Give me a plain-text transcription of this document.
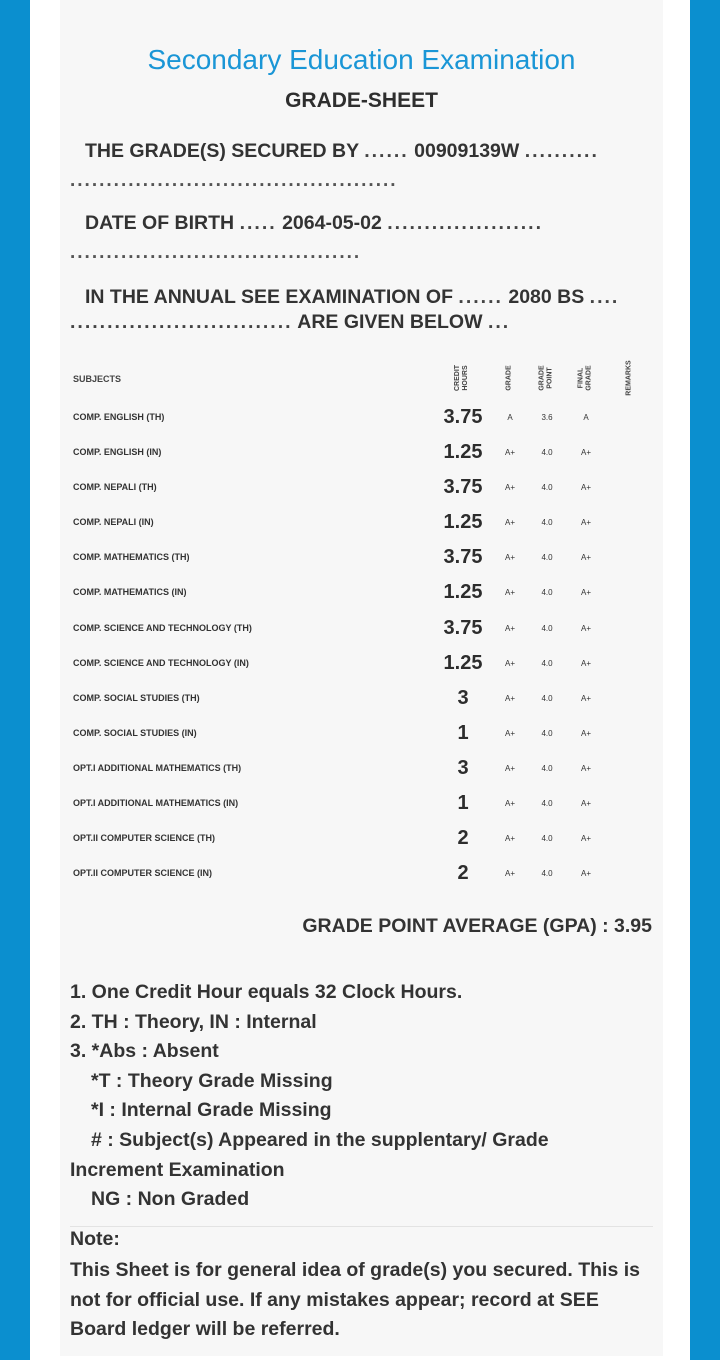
Secondary Education Examination
GRADE-SHEET
THE GRADE(S) SECURED BY ...... 00909139W ..........
.............................................
DATE OF BIRTH ..... 2064-05-02 .....................
........................................
IN THE ANNUAL SEE EXAMINATION OF ...... 2080 BS ....
.............................. ARE GIVEN BELOW ...
SUBJECTS	CREDIT HOURS	GRADE	GRADE POINT	FINAL GRADE	REMARKS
COMP. ENGLISH (TH)	3.75	A	3.6	A
COMP. ENGLISH (IN)	1.25	A+	4.0	A+
COMP. NEPALI (TH)	3.75	A+	4.0	A+
COMP. NEPALI (IN)	1.25	A+	4.0	A+
COMP. MATHEMATICS (TH)	3.75	A+	4.0	A+
COMP. MATHEMATICS (IN)	1.25	A+	4.0	A+
COMP. SCIENCE AND TECHNOLOGY (TH)	3.75	A+	4.0	A+
COMP. SCIENCE AND TECHNOLOGY (IN)	1.25	A+	4.0	A+
COMP. SOCIAL STUDIES (TH)	3	A+	4.0	A+
COMP. SOCIAL STUDIES (IN)	1	A+	4.0	A+
OPT.I ADDITIONAL MATHEMATICS (TH)	3	A+	4.0	A+
OPT.I ADDITIONAL MATHEMATICS (IN)	1	A+	4.0	A+
OPT.II COMPUTER SCIENCE (TH)	2	A+	4.0	A+
OPT.II COMPUTER SCIENCE (IN)	2	A+	4.0	A+
GRADE POINT AVERAGE (GPA) : 3.95
1. One Credit Hour equals 32 Clock Hours.
2. TH : Theory, IN : Internal
3. *Abs : Absent
*T : Theory Grade Missing
*I : Internal Grade Missing
# : Subject(s) Appeared in the supplentary/ Grade
Increment Examination
NG : Non Graded
Note:
This Sheet is for general idea of grade(s) you secured. This is not for official use. If any mistakes appear; record at SEE Board ledger will be referred.
